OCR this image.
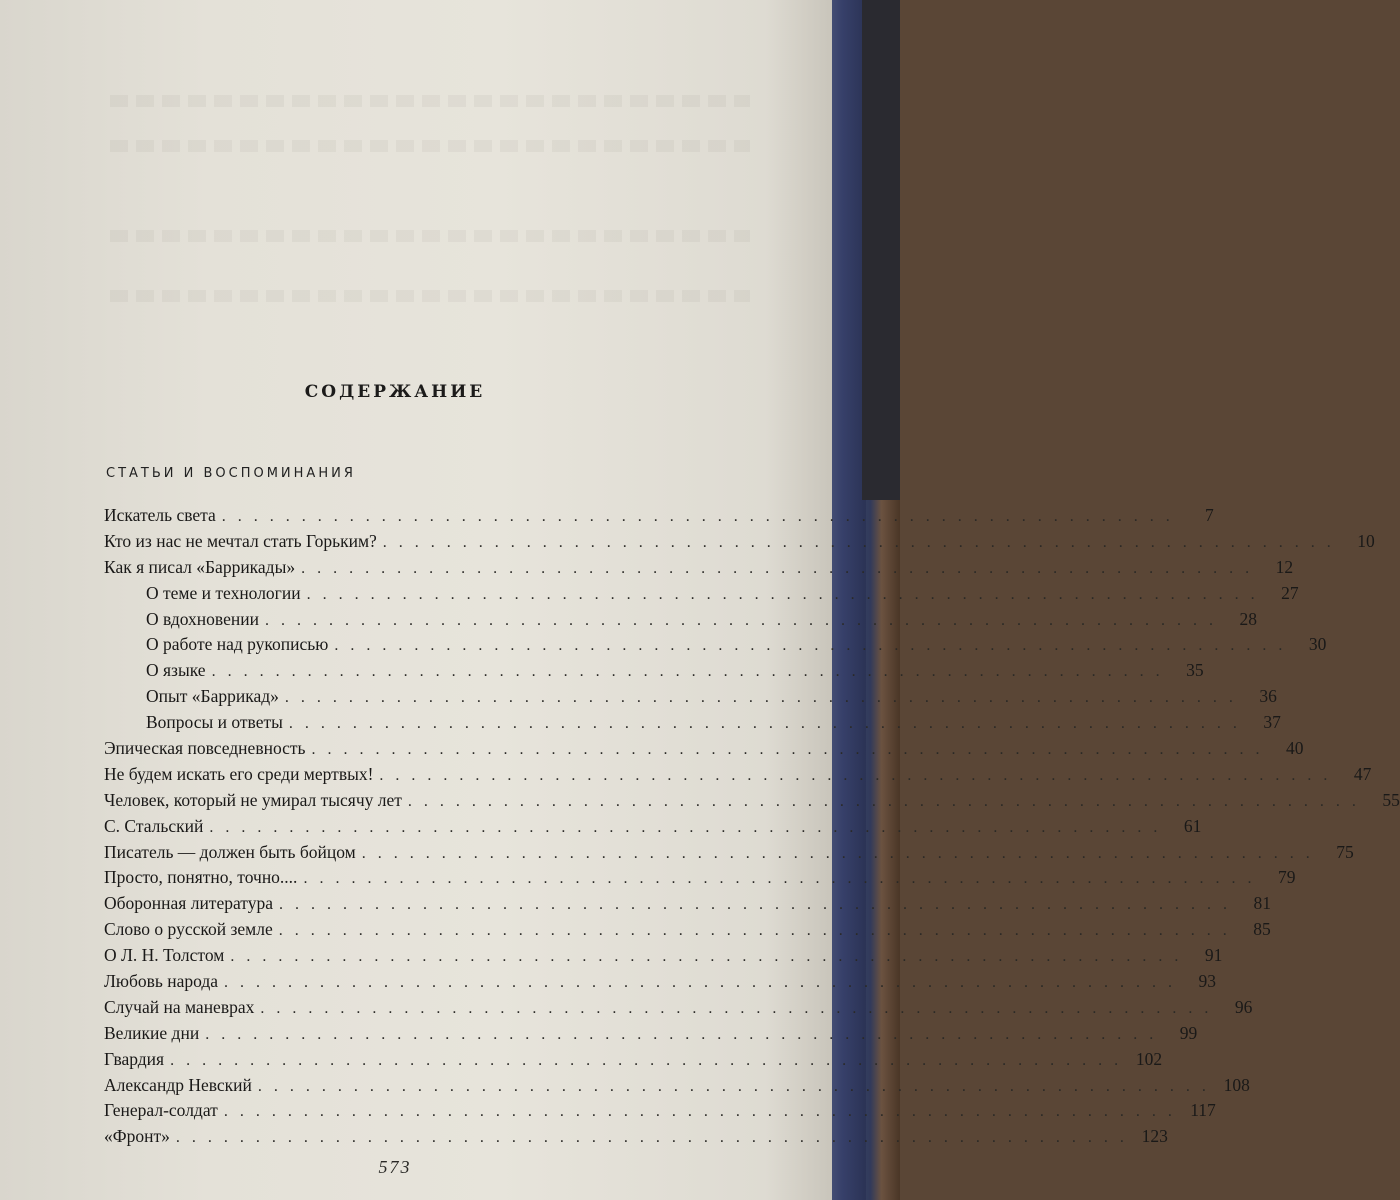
СОДЕРЖАНИЕ
СТАТЬИ И ВОСПОМИНАНИЯ
Искатель света . . . . . . . . . . . . . . . . . . . . . . . . . . . . . . . . . . . . . . . . . . . . . . . . . . . . . . . . . . . .	7
Кто из нас не мечтал стать Горьким? . . . . . . . . . . . . . . . . . . . . . . . . . . . . . . . . . . . . . . . . . . . . . . . . . . . . . . . . . . . .	10
Как я писал «Баррикады» . . . . . . . . . . . . . . . . . . . . . . . . . . . . . . . . . . . . . . . . . . . . . . . . . . . . . . . . . . . .	12
О теме и технологии . . . . . . . . . . . . . . . . . . . . . . . . . . . . . . . . . . . . . . . . . . . . . . . . . . . . . . . . . . . .	27
О вдохновении . . . . . . . . . . . . . . . . . . . . . . . . . . . . . . . . . . . . . . . . . . . . . . . . . . . . . . . . . . . .	28
О работе над рукописью . . . . . . . . . . . . . . . . . . . . . . . . . . . . . . . . . . . . . . . . . . . . . . . . . . . . . . . . . . . .	30
О языке . . . . . . . . . . . . . . . . . . . . . . . . . . . . . . . . . . . . . . . . . . . . . . . . . . . . . . . . . . . .	35
Опыт «Баррикад» . . . . . . . . . . . . . . . . . . . . . . . . . . . . . . . . . . . . . . . . . . . . . . . . . . . . . . . . . . . .	36
Вопросы и ответы . . . . . . . . . . . . . . . . . . . . . . . . . . . . . . . . . . . . . . . . . . . . . . . . . . . . . . . . . . . .	37
Эпическая повседневность . . . . . . . . . . . . . . . . . . . . . . . . . . . . . . . . . . . . . . . . . . . . . . . . . . . . . . . . . . . .	40
Не будем искать его среди мертвых! . . . . . . . . . . . . . . . . . . . . . . . . . . . . . . . . . . . . . . . . . . . . . . . . . . . . . . . . . . . .	47
Человек, который не умирал тысячу лет . . . . . . . . . . . . . . . . . . . . . . . . . . . . . . . . . . . . . . . . . . . . . . . . . . . . . . . . . . . .	55
С. Стальский . . . . . . . . . . . . . . . . . . . . . . . . . . . . . . . . . . . . . . . . . . . . . . . . . . . . . . . . . . . .	61
Писатель — должен быть бойцом . . . . . . . . . . . . . . . . . . . . . . . . . . . . . . . . . . . . . . . . . . . . . . . . . . . . . . . . . . . .	75
Просто, понятно, точно.... . . . . . . . . . . . . . . . . . . . . . . . . . . . . . . . . . . . . . . . . . . . . . . . . . . . . . . . . . . . .	79
Оборонная литература . . . . . . . . . . . . . . . . . . . . . . . . . . . . . . . . . . . . . . . . . . . . . . . . . . . . . . . . . . . .	81
Слово о русской земле . . . . . . . . . . . . . . . . . . . . . . . . . . . . . . . . . . . . . . . . . . . . . . . . . . . . . . . . . . . .	85
О Л. Н. Толстом . . . . . . . . . . . . . . . . . . . . . . . . . . . . . . . . . . . . . . . . . . . . . . . . . . . . . . . . . . . .	91
Любовь народа . . . . . . . . . . . . . . . . . . . . . . . . . . . . . . . . . . . . . . . . . . . . . . . . . . . . . . . . . . . .	93
Случай на маневрах . . . . . . . . . . . . . . . . . . . . . . . . . . . . . . . . . . . . . . . . . . . . . . . . . . . . . . . . . . . .	96
Великие дни . . . . . . . . . . . . . . . . . . . . . . . . . . . . . . . . . . . . . . . . . . . . . . . . . . . . . . . . . . . .	99
Гвардия . . . . . . . . . . . . . . . . . . . . . . . . . . . . . . . . . . . . . . . . . . . . . . . . . . . . . . . . . . . . 102
Александр Невский . . . . . . . . . . . . . . . . . . . . . . . . . . . . . . . . . . . . . . . . . . . . . . . . . . . . . . . . . . . . 108
Генерал-солдат . . . . . . . . . . . . . . . . . . . . . . . . . . . . . . . . . . . . . . . . . . . . . . . . . . . . . . . . . . . . 117
«Фронт» . . . . . . . . . . . . . . . . . . . . . . . . . . . . . . . . . . . . . . . . . . . . . . . . . . . . . . . . . . . . 123
573
